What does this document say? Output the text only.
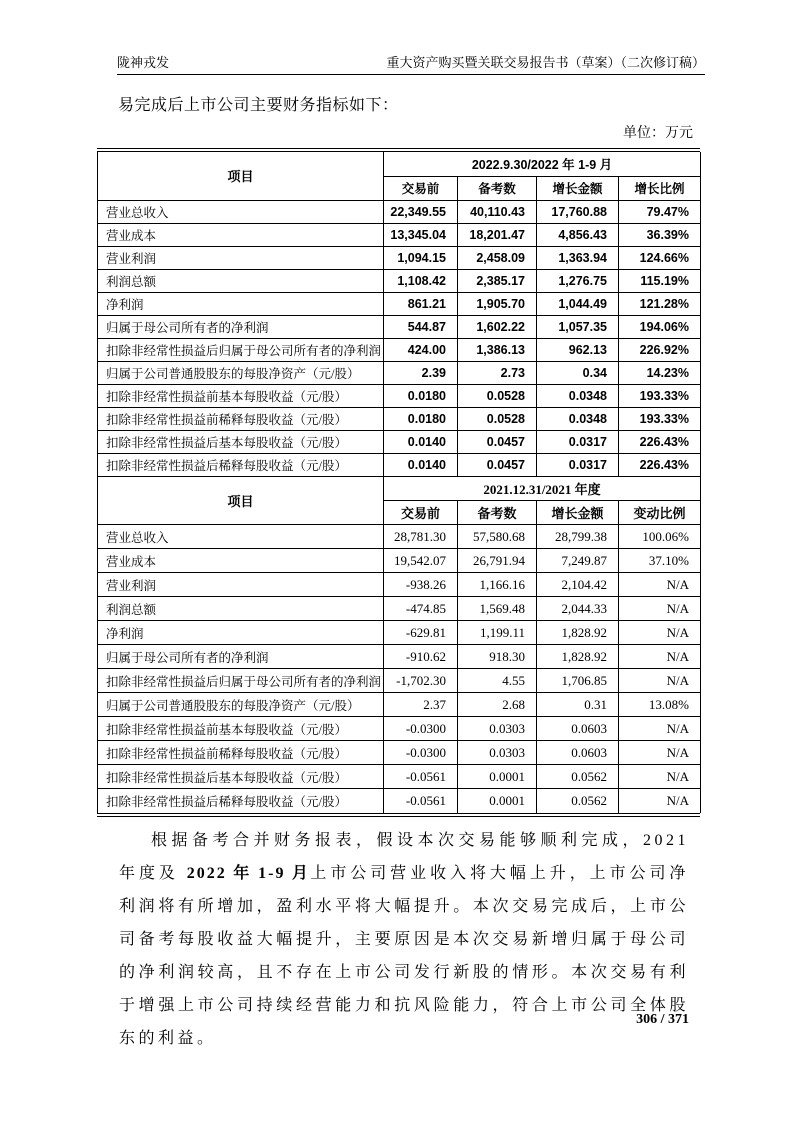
陇神戎发	重大资产购买暨关联交易报告书（草案）（二次修订稿）
易完成后上市公司主要财务指标如下：
单位：万元
项目	2022.9.30/2022 年 1-9 月			
	交易前	备考数	增长金额	增长比例
营业总收入	22,349.55	40,110.43	17,760.88	79.47%
营业成本	13,345.04	18,201.47	4,856.43	36.39%
营业利润	1,094.15	2,458.09	1,363.94	124.66%
利润总额	1,108.42	2,385.17	1,276.75	115.19%
净利润	861.21	1,905.70	1,044.49	121.28%
归属于母公司所有者的净利润	544.87	1,602.22	1,057.35	194.06%
扣除非经常性损益后归属于母公司所有者的净利润	424.00	1,386.13	962.13	226.92%
归属于公司普通股股东的每股净资产（元/股）	2.39	2.73	0.34	14.23%
扣除非经常性损益前基本每股收益（元/股）	0.0180	0.0528	0.0348	193.33%
扣除非经常性损益前稀释每股收益（元/股）	0.0180	0.0528	0.0348	193.33%
扣除非经常性损益后基本每股收益（元/股）	0.0140	0.0457	0.0317	226.43%
扣除非经常性损益后稀释每股收益（元/股）	0.0140	0.0457	0.0317	226.43%
项目	2021.12.31/2021 年度			
	交易前	备考数	增长金额	变动比例
营业总收入	28,781.30	57,580.68	28,799.38	100.06%
营业成本	19,542.07	26,791.94	7,249.87	37.10%
营业利润	-938.26	1,166.16	2,104.42	N/A
利润总额	-474.85	1,569.48	2,044.33	N/A
净利润	-629.81	1,199.11	1,828.92	N/A
归属于母公司所有者的净利润	-910.62	918.30	1,828.92	N/A
扣除非经常性损益后归属于母公司所有者的净利润	-1,702.30	4.55	1,706.85	N/A
归属于公司普通股股东的每股净资产（元/股）	2.37	2.68	0.31	13.08%
扣除非经常性损益前基本每股收益（元/股）	-0.0300	0.0303	0.0603	N/A
扣除非经常性损益前稀释每股收益（元/股）	-0.0300	0.0303	0.0603	N/A
扣除非经常性损益后基本每股收益（元/股）	-0.0561	0.0001	0.0562	N/A
扣除非经常性损益后稀释每股收益（元/股）	-0.0561	0.0001	0.0562	N/A

根据备考合并财务报表，假设本次交易能够顺利完成，2021 年度及 2022 年 1-9 月上市公司营业收入将大幅上升，上市公司净利润将有所增加，盈利水平将大幅提升。本次交易完成后，上市公司备考每股收益大幅提升，主要原因是本次交易新增归属于母公司的净利润较高，且不存在上市公司发行新股的情形。本次交易有利于增强上市公司持续经营能力和抗风险能力，符合上市公司全体股东的利益。

306 / 371
